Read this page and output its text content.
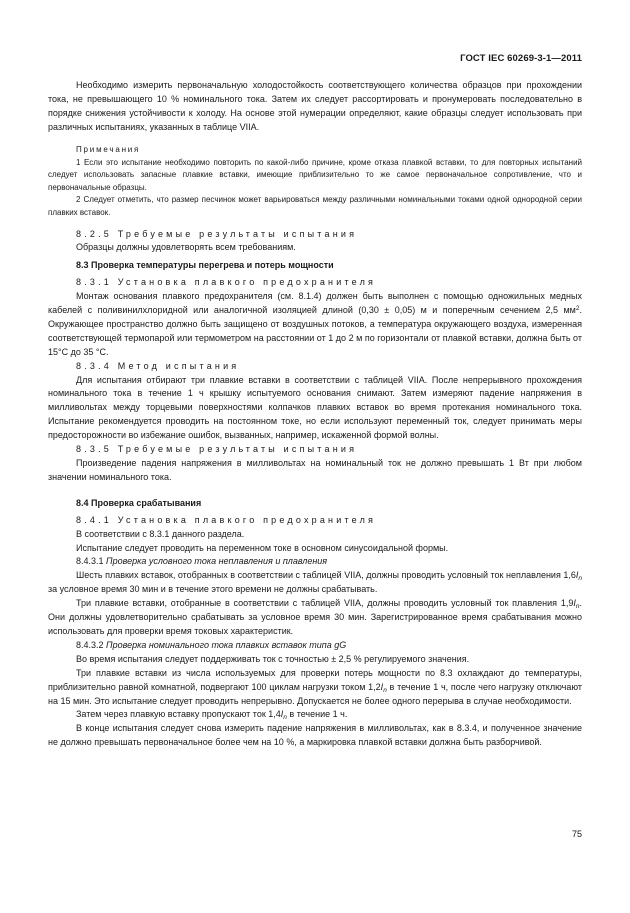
ГОСТ IEC 60269-3-1—2011

Необходимо измерить первоначальную холодостойкость соответствующего количества образцов при прохождении тока, не превышающего 10 % номинального тока. Затем их следует рассортировать и пронумеровать последовательно в порядке снижения устойчивости к холоду. На основе этой нумерации определяют, какие образцы следует использовать при различных испытаниях, указанных в таблице VIIA.

Примечания

1 Если это испытание необходимо повторить по какой-либо причине, кроме отказа плавкой вставки, то для повторных испытаний следует использовать запасные плавкие вставки, имеющие приблизительно то же самое первоначальное сопротивление, что и первоначальные образцы.

2 Следует отметить, что размер песчинок может варьироваться между различными номинальными токами одной однородной серии плавких вставок.

8.2.5 Требуемые результаты испытания

Образцы должны удовлетворять всем требованиям.

8.3 Проверка температуры перегрева и потерь мощности
8.3.1 Установка плавкого предохранителя

Монтаж основания плавкого предохранителя (см. 8.1.4) должен быть выполнен с помощью одножильных медных кабелей с поливинилхлоридной или аналогичной изоляцией длиной (0,30 ± 0,05) м и поперечным сечением 2,5 $мм^2$. Окружающее пространство должно быть защищено от воздушных потоков, а температура окружающего воздуха, измеренная соответствующей термопарой или термометром на расстоянии от 1 до 2 м по горизонтали от плавкой вставки, должна быть от 15°С до 35 °С.

8.3.4 Метод испытания

Для испытания отбирают три плавкие вставки в соответствии с таблицей VIIA. После непрерывного прохождения номинального тока в течение 1 ч крышку испытуемого основания снимают. Затем измеряют падение напряжения в милливольтах между торцевыми поверхностями колпачков плавких вставок во время протекания номинального тока. Испытание рекомендуется проводить на постоянном токе, но если используют переменный ток, следует принимать меры предосторожности во избежание ошибок, вызванных, например, искаженной формой волны.

8.3.5 Требуемые результаты испытания

Произведение падения напряжения в милливольтах на номинальный ток не должно превышать 1 Вт при любом значении номинального тока.

8.4 Проверка срабатывания
8.4.1 Установка плавкого предохранителя

В соответствии с 8.3.1 данного раздела.

Испытание следует проводить на переменном токе в основном синусоидальной формы.

8.4.3.1 Проверка условного тока неплавления и плавления

Шесть плавких вставок, отобранных в соответствии с таблицей VIIA, должны проводить условный ток неплавления $1,6I_n$ за условное время 30 мин и в течение этого времени не должны срабатывать.

Три плавкие вставки, отобранные в соответствии с таблицей VIIA, должны проводить условный ток плавления $1,9I_n$. Они должны удовлетворительно срабатывать за условное время 30 мин. Зарегистрированное время срабатывания можно использовать для проверки время токовых характеристик.

8.4.3.2 Проверка номинального тока плавких вставок типа gG

Во время испытания следует поддерживать ток с точностью ± 2,5 % регулируемого значения.

Три плавкие вставки из числа используемых для проверки потерь мощности по 8.3 охлаждают до температуры, приблизительно равной комнатной, подвергают 100 циклам нагрузки током $1,2I_n$ в течение 1 ч, после чего нагрузку отключают на 15 мин. Это испытание следует проводить непрерывно. Допускается не более одного перерыва в случае необходимости.

Затем через плавкую вставку пропускают ток $1,4I_n$ в течение 1 ч.

В конце испытания следует снова измерить падение напряжения в милливольтах, как в 8.3.4, и полученное значение не должно превышать первоначальное более чем на 10 %, а маркировка плавкой вставки должна быть разборчивой.

75
